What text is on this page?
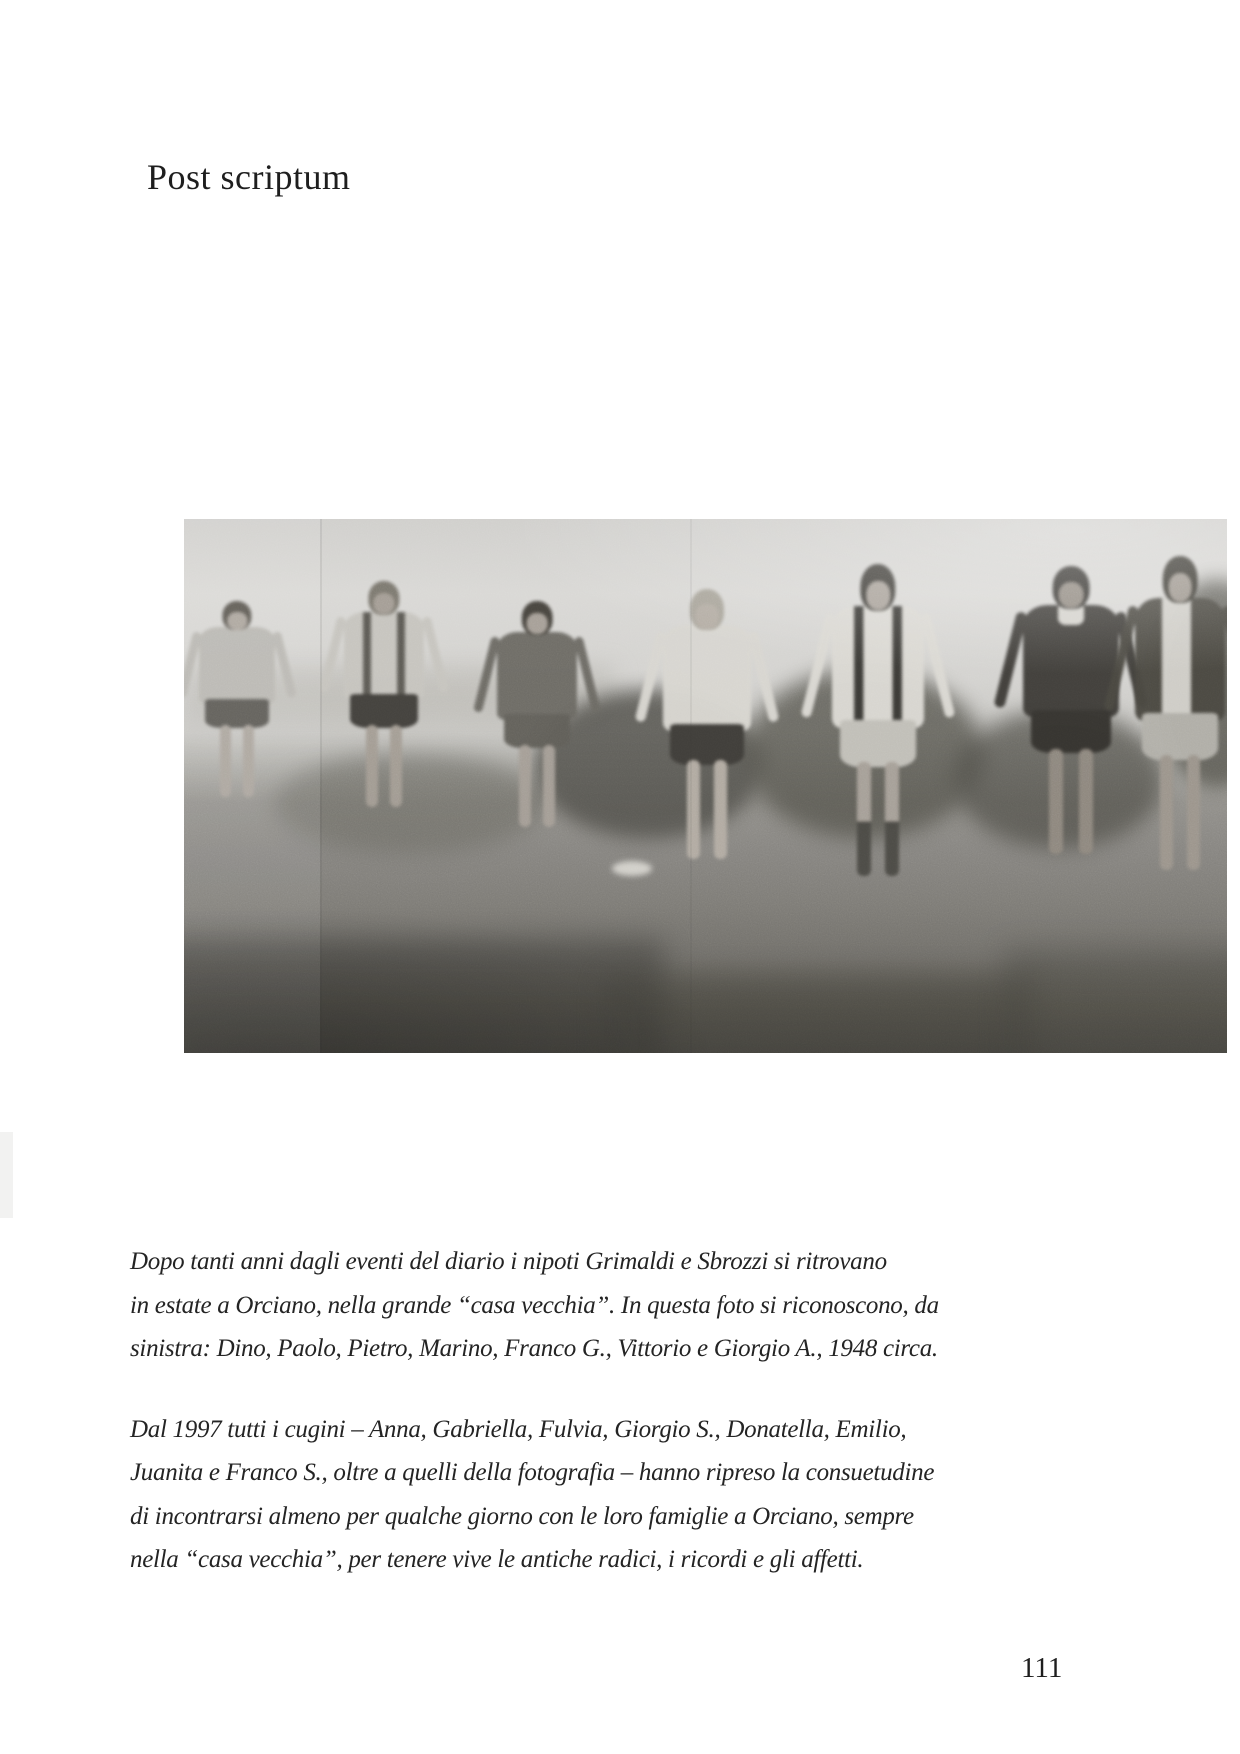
Post scriptum

Dopo tanti anni dagli eventi del diario i nipoti Grimaldi e Sbrozzi si ritrovano
in estate a Orciano, nella grande “casa vecchia”. In questa foto si riconoscono, da
sinistra: Dino, Paolo, Pietro, Marino, Franco G., Vittorio e Giorgio A., 1948 circa.

Dal 1997 tutti i cugini – Anna, Gabriella, Fulvia, Giorgio S., Donatella, Emilio,
Juanita e Franco S., oltre a quelli della fotografia – hanno ripreso la consuetudine
di incontrarsi almeno per qualche giorno con le loro famiglie a Orciano, sempre
nella “casa vecchia”, per tenere vive le antiche radici, i ricordi e gli affetti.

111
